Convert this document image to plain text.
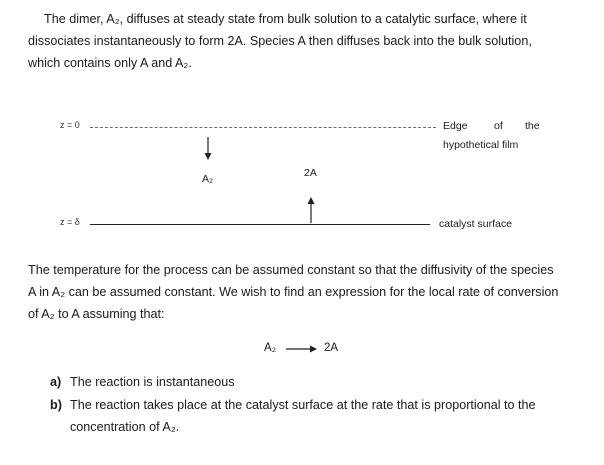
The dimer, A₂, diffuses at steady state from bulk solution to a catalytic surface, where it

dissociates instantaneously to form 2A. Species A then diffuses back into the bulk solution,

which contains only A and A₂.

z = 0	Edge	of the
hypothetical film
A₂	2A
z = δ	catalyst surface

The temperature for the process can be assumed constant so that the diffusivity of the species

A in A₂ can be assumed constant. We wish to find an expression for the local rate of conversion

of A₂ to A assuming that:

A₂ → 2A
a) The reaction is instantaneous
b) The reaction takes place at the catalyst surface at the rate that is proportional to the
concentration of A₂.
